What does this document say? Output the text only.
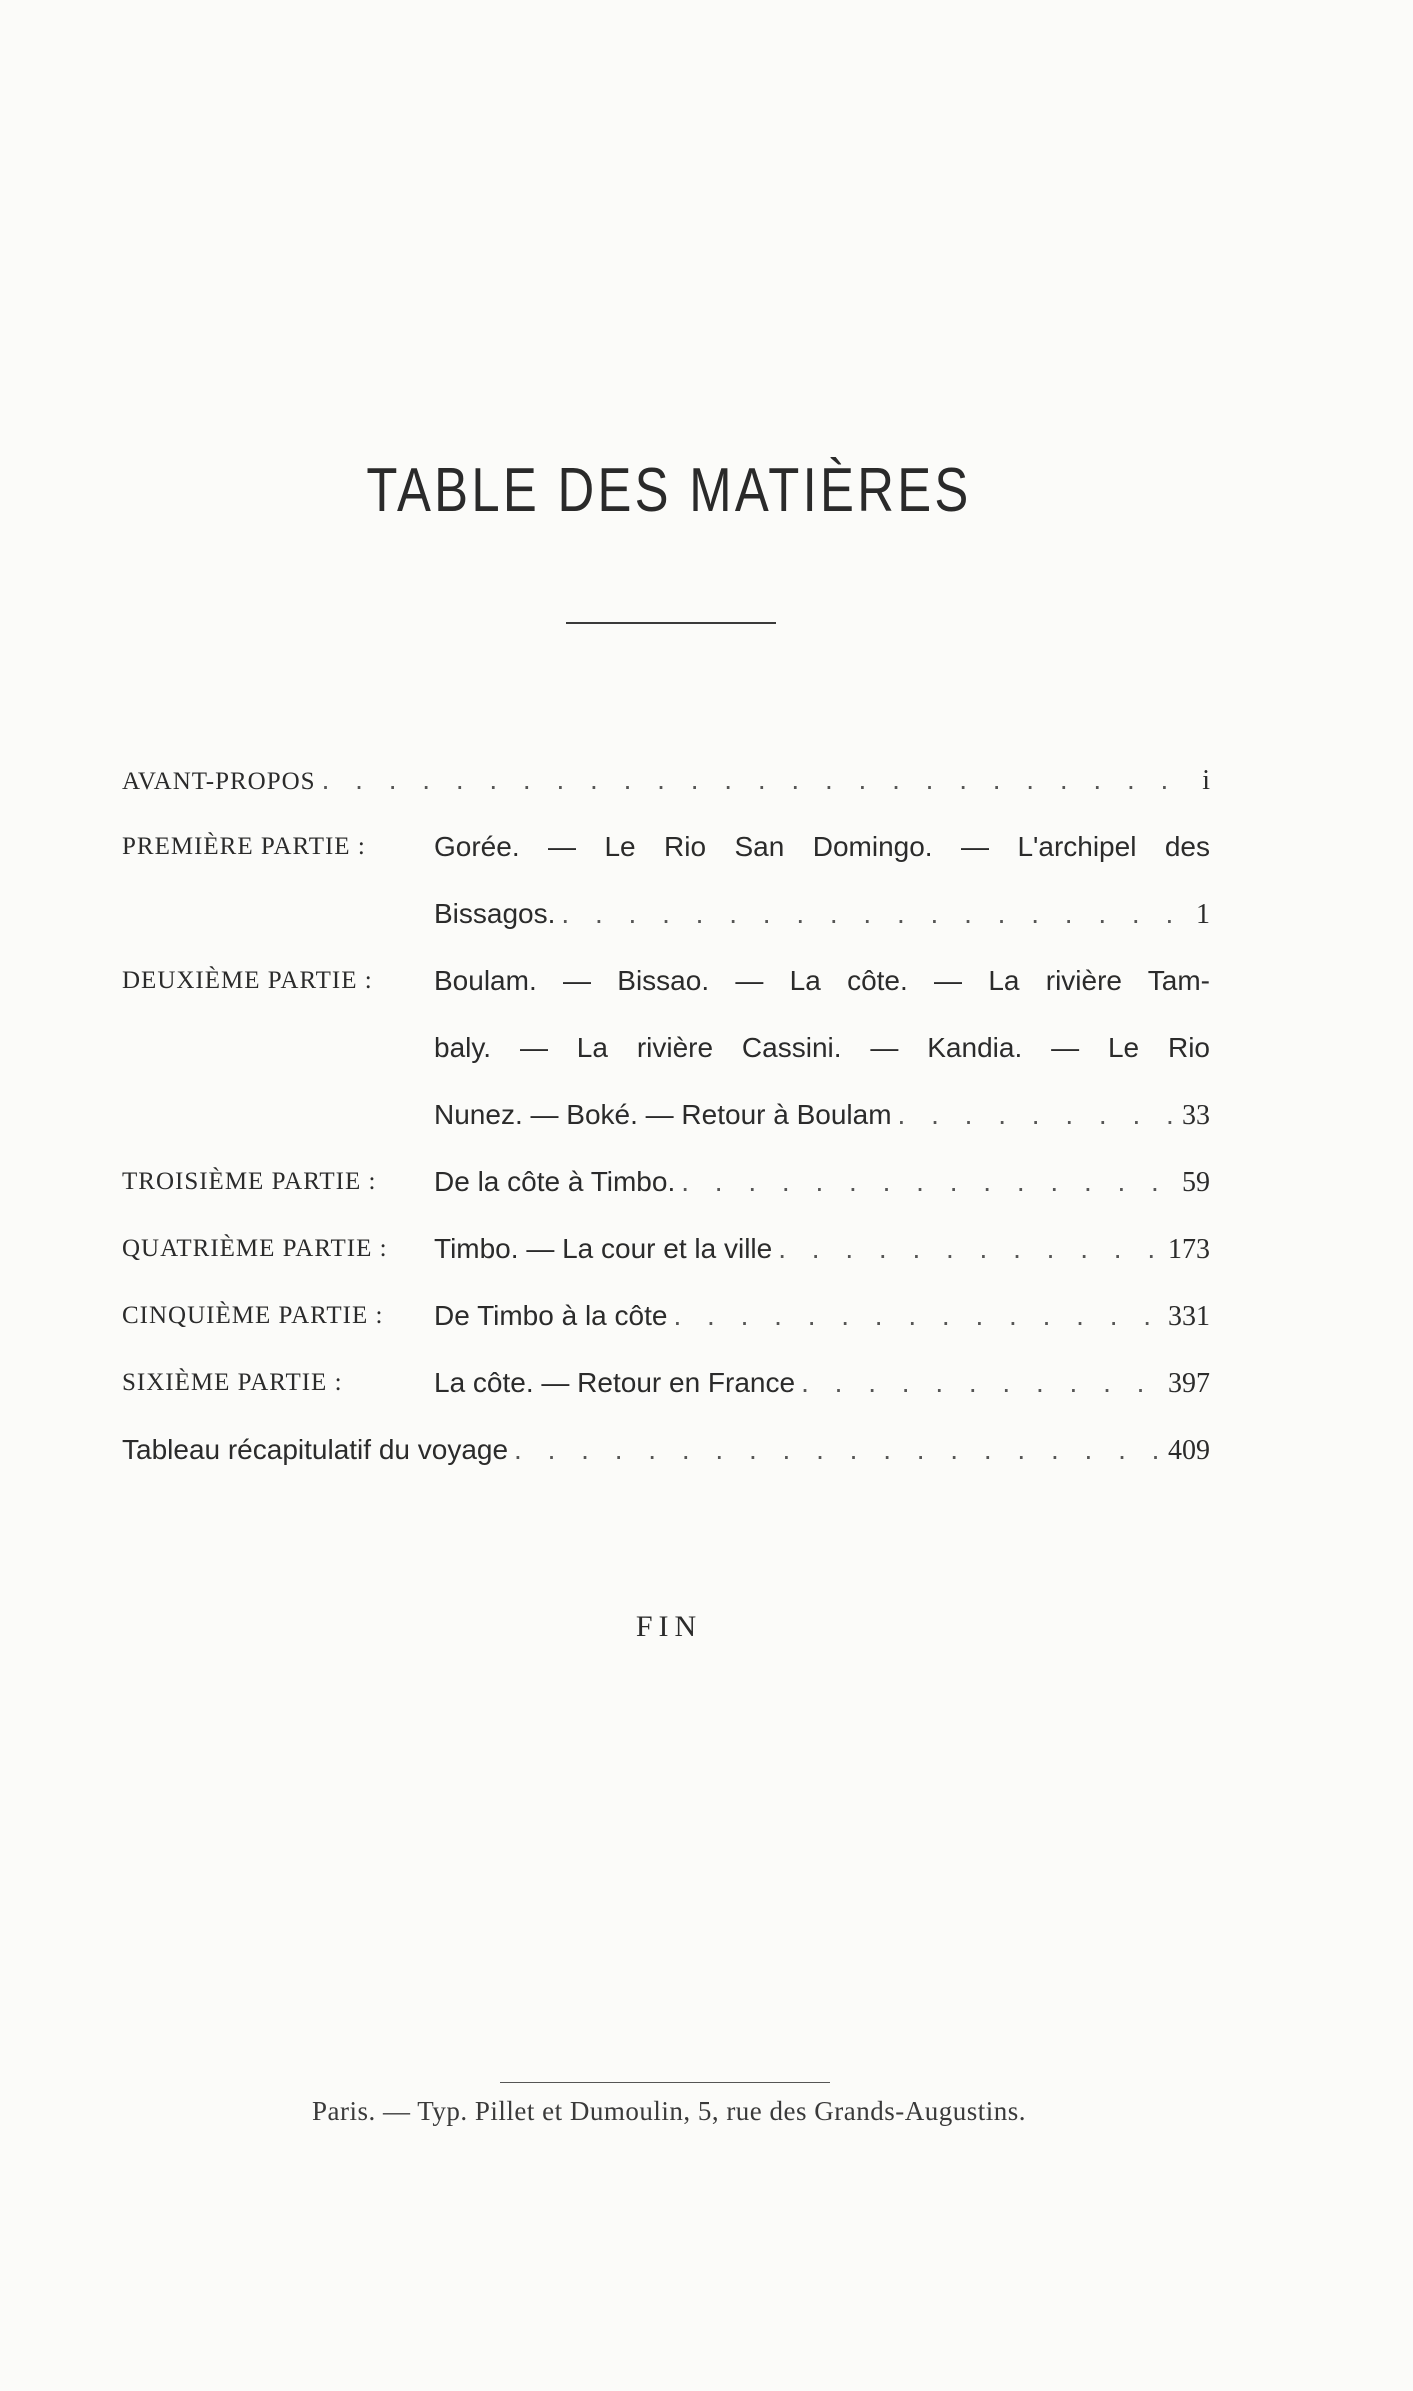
TABLE DES MATIÈRES
AVANT-PROPOS . . .	i
PREMIÈRE PARTIE : Gorée. — Le Rio San Domingo. — L'archipel des
Bissagos. . . .	1
DEUXIÈME PARTIE : Boulam. — Bissao. — La côte. — La rivière Tam-
baly. — La rivière Cassini. — Kandia. — Le Rio
Nunez. — Boké. — Retour à Boulam . . .	33
TROISIÈME PARTIE : De la côte à Timbo. . . .	59
QUATRIÈME PARTIE : Timbo. — La cour et la ville . . .	173
CINQUIÈME PARTIE : De Timbo à la côte . . .	331
SIXIÈME PARTIE :	La côte. — Retour en France . . .	397
Tableau récapitulatif du voyage . . .	409
FIN
Paris. — Typ. Pillet et Dumoulin, 5, rue des Grands-Augustins.
